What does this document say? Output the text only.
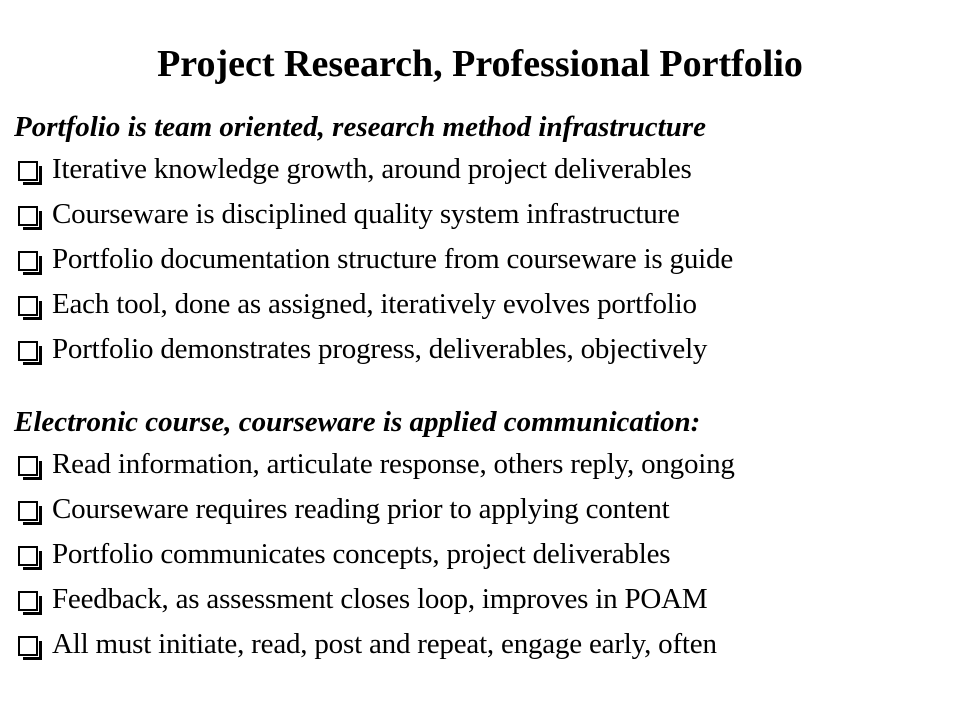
Project Research, Professional Portfolio

Portfolio is team oriented, research method infrastructure

Iterative knowledge growth, around project deliverables
Courseware is disciplined quality system infrastructure
Portfolio documentation structure from courseware is guide
Each tool, done as assigned, iteratively evolves portfolio
Portfolio demonstrates progress, deliverables, objectively

Electronic course, courseware is applied communication:

Read information, articulate response, others reply, ongoing
Courseware requires reading prior to applying content
Portfolio communicates concepts, project deliverables
Feedback, as assessment closes loop, improves in POAM
All must initiate, read, post and repeat, engage early, often
